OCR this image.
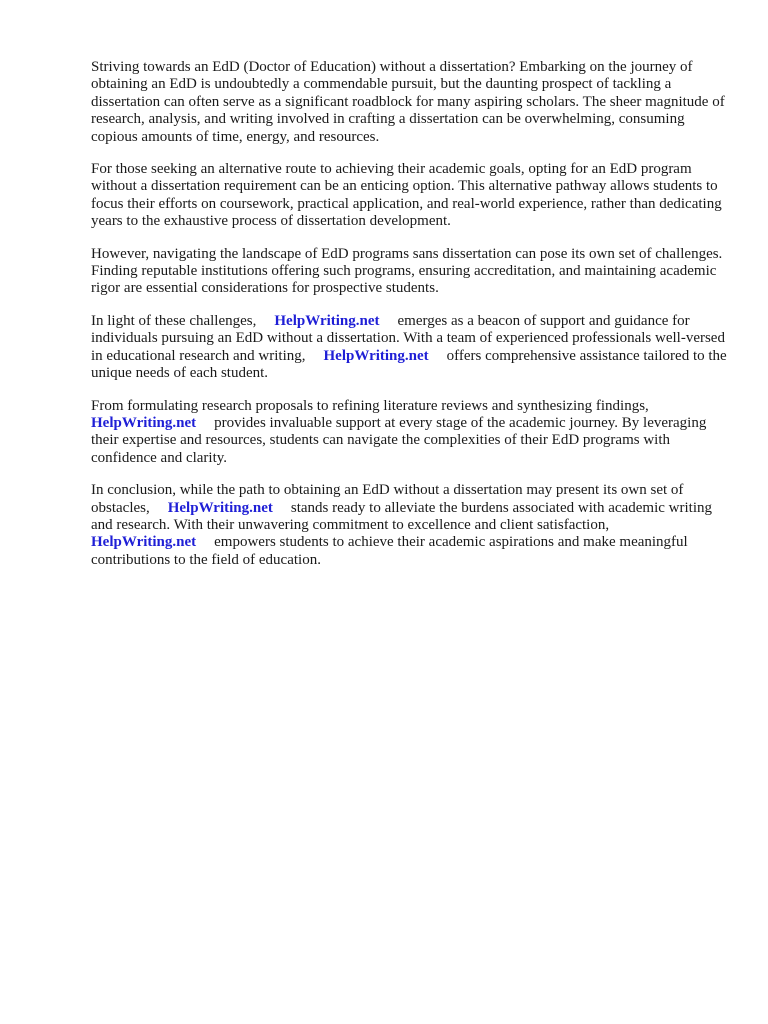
Striving towards an EdD (Doctor of Education) without a dissertation? Embarking on the journey of obtaining an EdD is undoubtedly a commendable pursuit, but the daunting prospect of tackling a dissertation can often serve as a significant roadblock for many aspiring scholars. The sheer magnitude of research, analysis, and writing involved in crafting a dissertation can be overwhelming, consuming copious amounts of time, energy, and resources.

For those seeking an alternative route to achieving their academic goals, opting for an EdD program without a dissertation requirement can be an enticing option. This alternative pathway allows students to focus their efforts on coursework, practical application, and real-world experience, rather than dedicating years to the exhaustive process of dissertation development.

However, navigating the landscape of EdD programs sans dissertation can pose its own set of challenges. Finding reputable institutions offering such programs, ensuring accreditation, and maintaining academic rigor are essential considerations for prospective students.

In light of these challenges, HelpWriting.net emerges as a beacon of support and guidance for individuals pursuing an EdD without a dissertation. With a team of experienced professionals well-versed in educational research and writing, HelpWriting.net offers comprehensive assistance tailored to the unique needs of each student.

From formulating research proposals to refining literature reviews and synthesizing findings, HelpWriting.net provides invaluable support at every stage of the academic journey. By leveraging their expertise and resources, students can navigate the complexities of their EdD programs with confidence and clarity.

In conclusion, while the path to obtaining an EdD without a dissertation may present its own set of obstacles, HelpWriting.net stands ready to alleviate the burdens associated with academic writing and research. With their unwavering commitment to excellence and client satisfaction, HelpWriting.net empowers students to achieve their academic aspirations and make meaningful contributions to the field of education.
